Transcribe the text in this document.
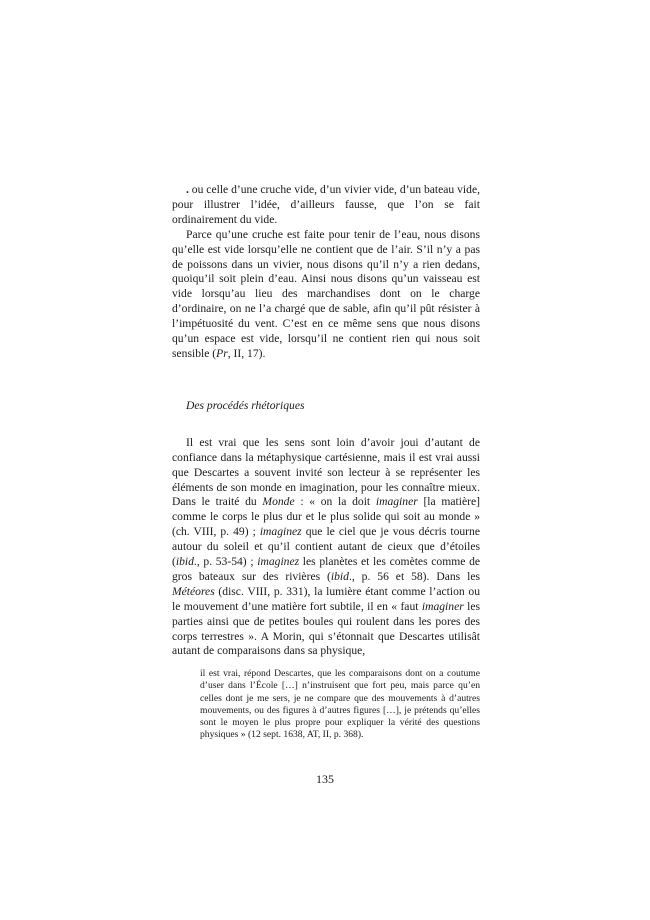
. ou celle d’une cruche vide, d’un vivier vide, d’un bateau vide, pour illustrer l’idée, d’ailleurs fausse, que l’on se fait ordinairement du vide.

Parce qu’une cruche est faite pour tenir de l’eau, nous disons qu’elle est vide lorsqu’elle ne contient que de l’air. S’il n’y a pas de poissons dans un vivier, nous disons qu’il n’y a rien dedans, quoiqu’il soit plein d’eau. Ainsi nous disons qu’un vaisseau est vide lorsqu’au lieu des marchandises dont on le charge d’ordinaire, on ne l’a chargé que de sable, afin qu’il pût résister à l’impétuosité du vent. C’est en ce même sens que nous disons qu’un espace est vide, lorsqu’il ne contient rien qui nous soit sensible (Pr, II, 17).

Des procédés rhétoriques

Il est vrai que les sens sont loin d’avoir joui d’autant de confiance dans la métaphysique cartésienne, mais il est vrai aussi que Descartes a souvent invité son lecteur à se représenter les éléments de son monde en imagination, pour les connaître mieux. Dans le traité du Monde : « on la doit imaginer [la matière] comme le corps le plus dur et le plus solide qui soit au monde » (ch. VIII, p. 49) ; imaginez que le ciel que je vous décris tourne autour du soleil et qu’il contient autant de cieux que d’étoiles (ibid., p. 53-54) ; imaginez les planètes et les comètes comme de gros bateaux sur des rivières (ibid., p. 56 et 58). Dans les Météores (disc. VIII, p. 331), la lumière étant comme l’action ou le mouvement d’une matière fort subtile, il en « faut imaginer les parties ainsi que de petites boules qui roulent dans les pores des corps terrestres ». A Morin, qui s’étonnait que Descartes utilisât autant de comparaisons dans sa physique,

il est vrai, répond Descartes, que les comparaisons dont on a coutume d’user dans l’École […] n’instruisent que fort peu, mais parce qu’en celles dont je me sers, je ne compare que des mouvements à d’autres mouvements, ou des figures à d’autres figures […], je prétends qu’elles sont le moyen le plus propre pour expliquer la vérité des questions physiques » (12 sept. 1638, AT, II, p. 368).

135
